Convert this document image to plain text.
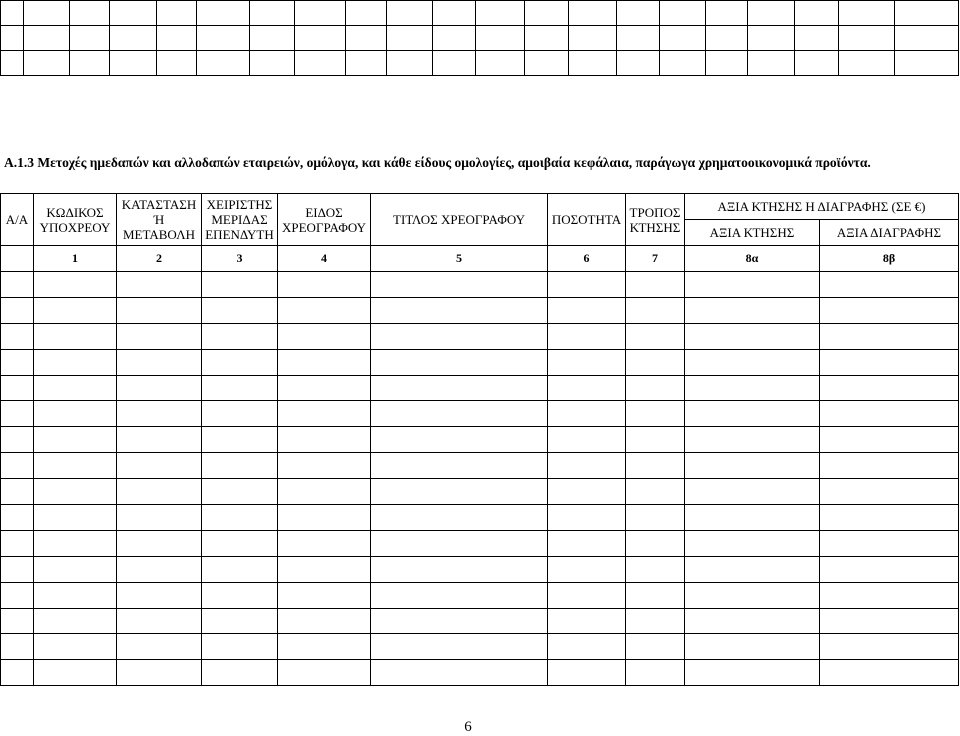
Α.1.3 Μετοχές ημεδαπών και αλλοδαπών εταιρειών, ομόλογα, και κάθε είδους ομολογίες, αμοιβαία κεφάλαια, παράγωγα χρηματοοικονομικά προϊόντα.
Α/Α	ΚΩΔΙΚΟΣ ΥΠΟΧΡΕΟΥ	ΚΑΤΑΣΤΑΣΗ Ή ΜΕΤΑΒΟΛΗ	ΧΕΙΡΙΣΤΗΣ ΜΕΡΙΔΑΣ ΕΠΕΝΔΥΤΗ	ΕΙΔΟΣ ΧΡΕΟΓΡΑΦΟΥ	ΤΙΤΛΟΣ ΧΡΕΟΓΡΑΦΟΥ	ΠΟΣΟΤΗΤΑ	ΤΡΟΠΟΣ ΚΤΗΣΗΣ	ΑΞΙΑ ΚΤΗΣΗΣ Η ΔΙΑΓΡΑΦΗΣ (ΣΕ €)	
								ΑΞΙΑ ΚΤΗΣΗΣ	ΑΞΙΑ ΔΙΑΓΡΑΦΗΣ
	1	2	3	4	5	6	7	8α	8β

6
